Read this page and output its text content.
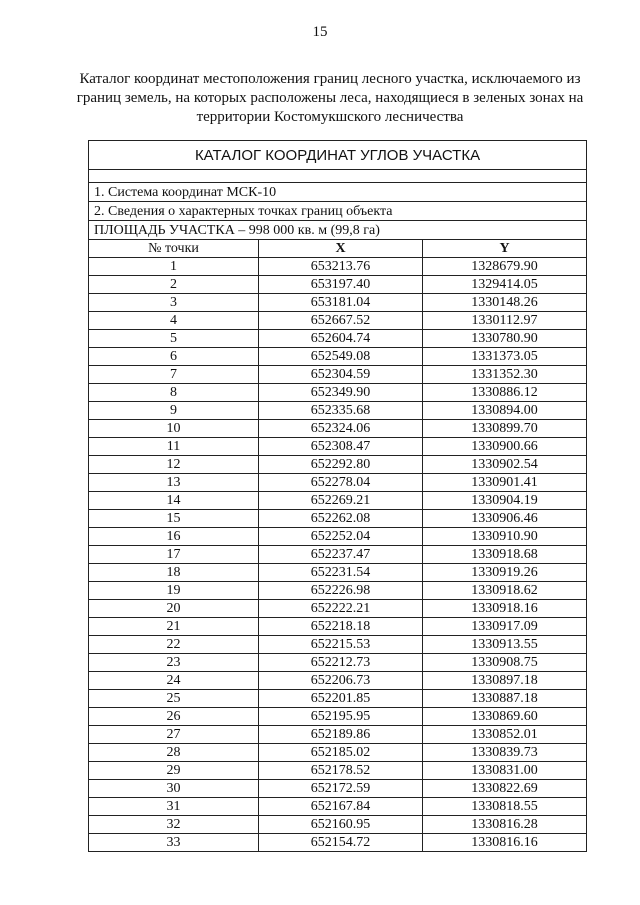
15
Каталог координат местоположения границ лесного участка, исключаемого из
границ земель, на которых расположены леса, находящиеся в зеленых зонах на
территории Костомукшского лесничества
КАТАЛОГ КООРДИНАТ УГЛОВ УЧАСТКА		

1. Система координат МСК-10		
2. Сведения о характерных точках границ объекта		
ПЛОЩАДЬ УЧАСТКА – 998 000 кв. м (99,8 га)		
№ точки	X	Y
1	653213.76	1328679.90
2	653197.40	1329414.05
3	653181.04	1330148.26
4	652667.52	1330112.97
5	652604.74	1330780.90
6	652549.08	1331373.05
7	652304.59	1331352.30
8	652349.90	1330886.12
9	652335.68	1330894.00
10	652324.06	1330899.70
11	652308.47	1330900.66
12	652292.80	1330902.54
13	652278.04	1330901.41
14	652269.21	1330904.19
15	652262.08	1330906.46
16	652252.04	1330910.90
17	652237.47	1330918.68
18	652231.54	1330919.26
19	652226.98	1330918.62
20	652222.21	1330918.16
21	652218.18	1330917.09
22	652215.53	1330913.55
23	652212.73	1330908.75
24	652206.73	1330897.18
25	652201.85	1330887.18
26	652195.95	1330869.60
27	652189.86	1330852.01
28	652185.02	1330839.73
29	652178.52	1330831.00
30	652172.59	1330822.69
31	652167.84	1330818.55
32	652160.95	1330816.28
33	652154.72	1330816.16
